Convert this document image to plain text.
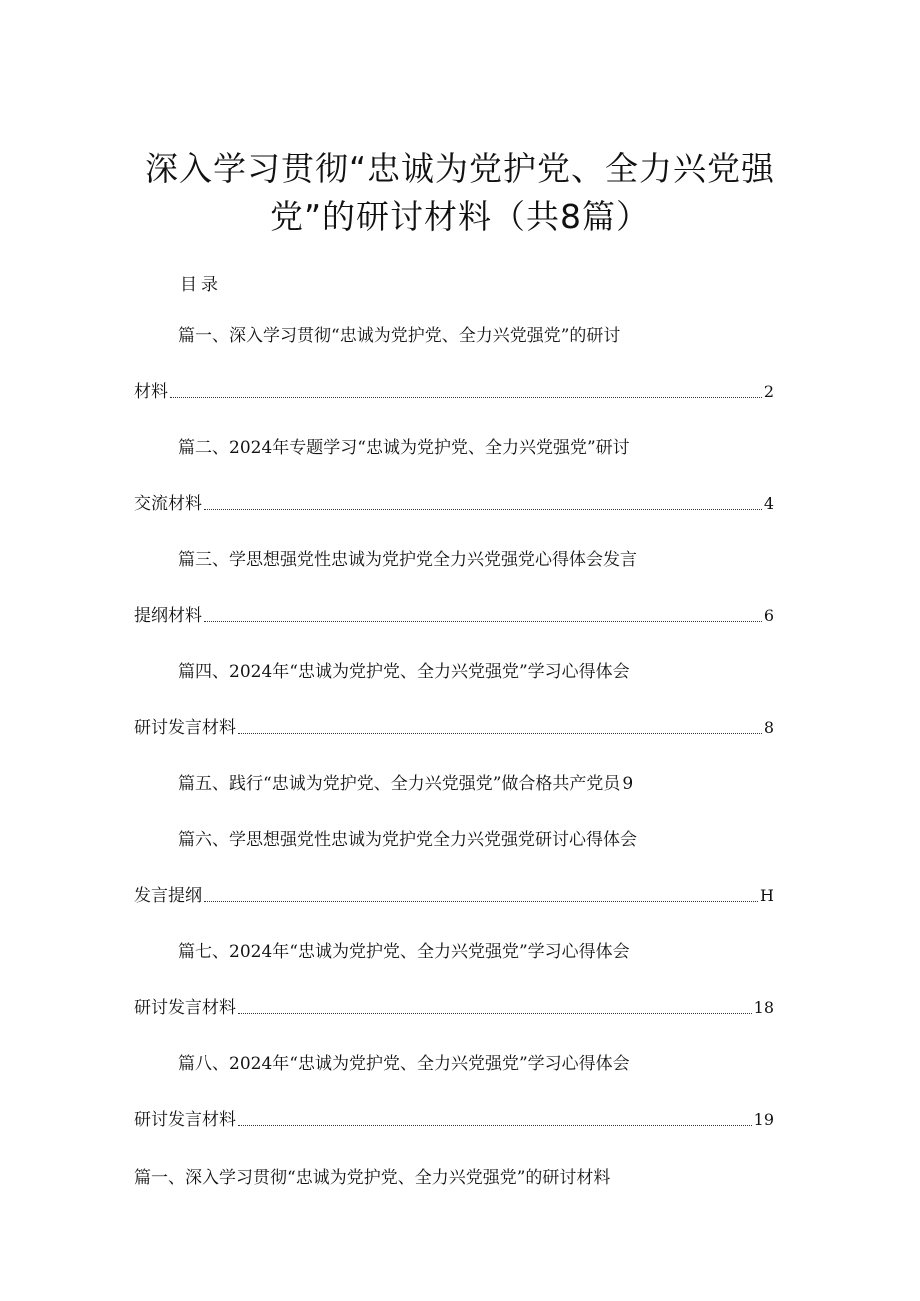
深入学习贯彻“忠诚为党护党、全力兴党强
党”的研讨材料（共8篇）
目录
篇一、深入学习贯彻“忠诚为党护党、全力兴党强党”的研讨
材料	2
篇二、2024年专题学习“忠诚为党护党、全力兴党强党”研讨
交流材料	4
篇三、学思想强党性忠诚为党护党全力兴党强党心得体会发言
提纲材料	6
篇四、2024年“忠诚为党护党、全力兴党强党”学习心得体会
研讨发言材料	8
篇五、践行“忠诚为党护党、全力兴党强党”做合格共产党员 9
篇六、学思想强党性忠诚为党护党全力兴党强党研讨心得体会
发言提纲	H
篇七、2024年“忠诚为党护党、全力兴党强党”学习心得体会
研讨发言材料	18
篇八、2024年“忠诚为党护党、全力兴党强党”学习心得体会
研讨发言材料	19
篇一、深入学习贯彻“忠诚为党护党、全力兴党强党”的研讨材料
